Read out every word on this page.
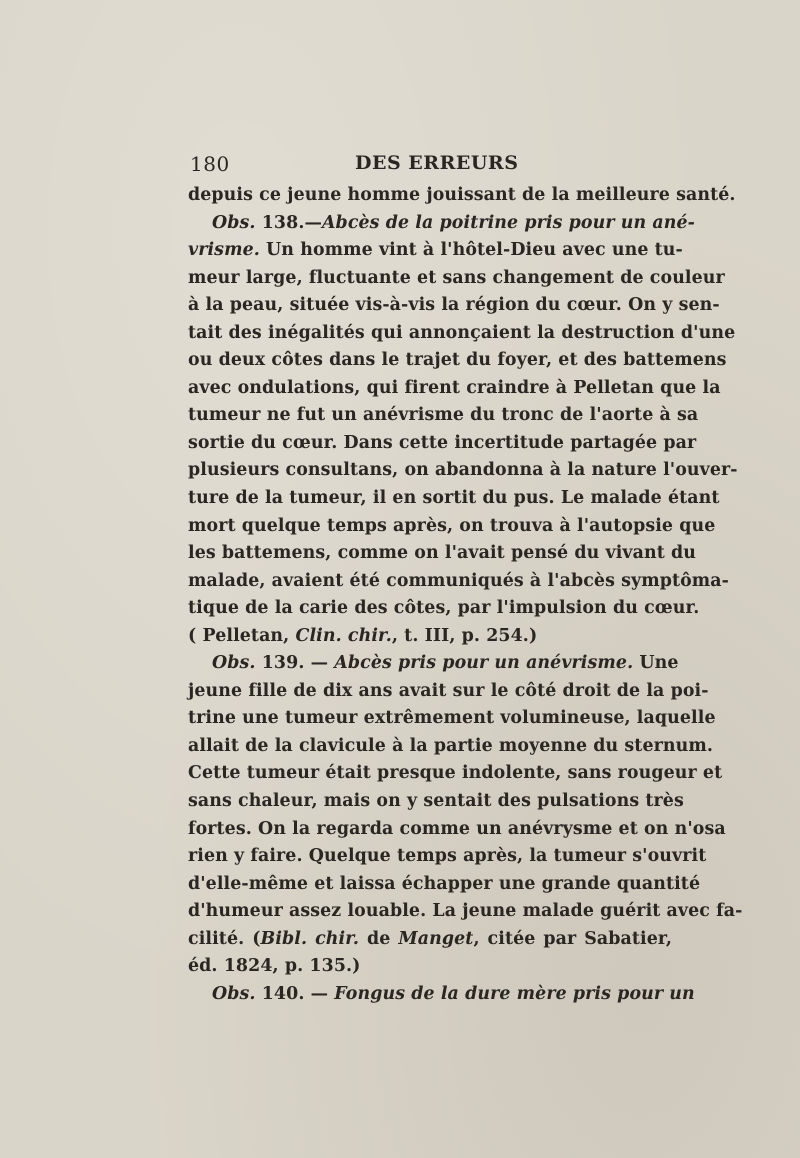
180	DES ERREURS
depuis ce jeune homme jouissant de la meilleure santé.
Obs. 138.—Abcès de la poitrine pris pour un ané-
vrisme. Un homme vint à l'hôtel-Dieu avec une tu-
meur large, fluctuante et sans changement de couleur
à la peau, située vis-à-vis la région du cœur. On y sen-
tait des inégalités qui annonçaient la destruction d'une
ou deux côtes dans le trajet du foyer, et des battemens
avec ondulations, qui firent craindre à Pelletan que la
tumeur ne fut un anévrisme du tronc de l'aorte à sa
sortie du cœur. Dans cette incertitude partagée par
plusieurs consultans, on abandonna à la nature l'ouver-
ture de la tumeur, il en sortit du pus. Le malade étant
mort quelque temps après, on trouva à l'autopsie que
les battemens, comme on l'avait pensé du vivant du
malade, avaient été communiqués à l'abcès symptôma-
tique de la carie des côtes, par l'impulsion du cœur.
( Pelletan, Clin. chir., t. III, p. 254.)
Obs. 139. — Abcès pris pour un anévrisme. Une
jeune fille de dix ans avait sur le côté droit de la poi-
trine une tumeur extrêmement volumineuse, laquelle
allait de la clavicule à la partie moyenne du sternum.
Cette tumeur était presque indolente, sans rougeur et
sans chaleur, mais on y sentait des pulsations très
fortes. On la regarda comme un anévrysme et on n'osa
rien y faire. Quelque temps après, la tumeur s'ouvrit
d'elle-même et laissa échapper une grande quantité
d'humeur assez louable. La jeune malade guérit avec fa-
cilité. (Bibl. chir. de Manget, citée par Sabatier,
éd. 1824, p. 135.)
Obs. 140. — Fongus de la dure mère pris pour un
